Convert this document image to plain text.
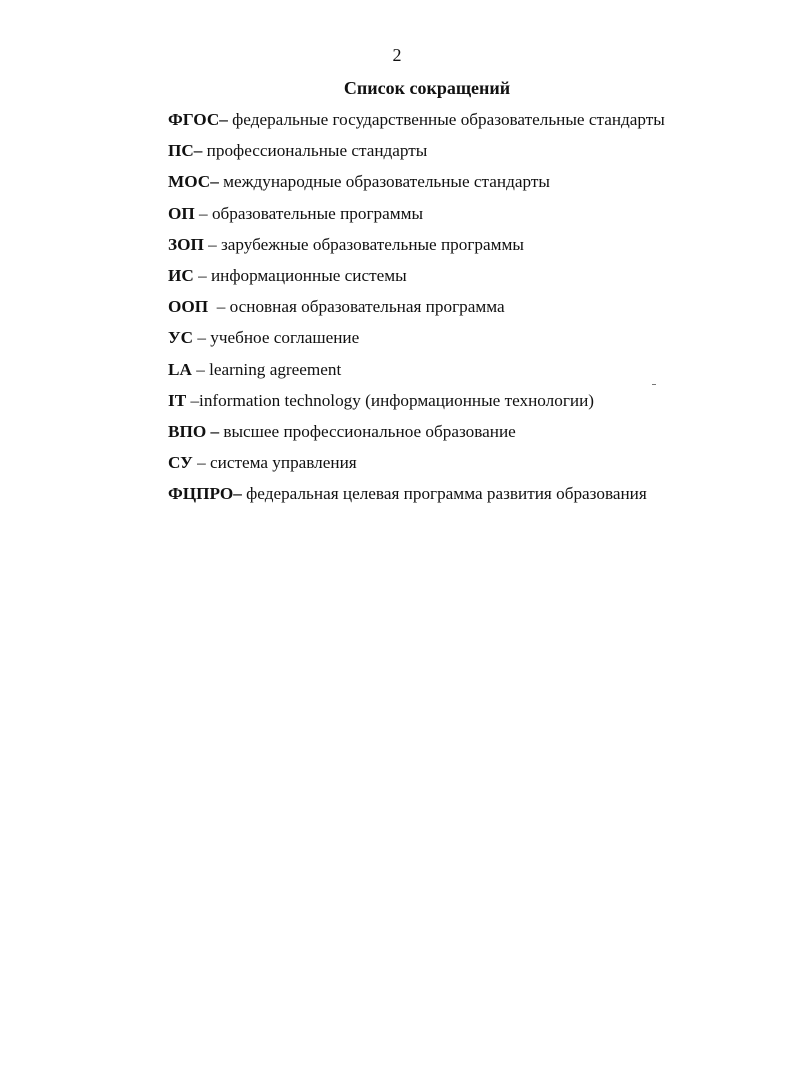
2
Список сокращений
ФГОС– федеральные государственные образовательные стандарты
ПС– профессиональные стандарты
МОС– международные образовательные стандарты
ОП – образовательные программы
ЗОП – зарубежные образовательные программы
ИС – информационные системы
ООП  – основная образовательная программа
УС – учебное соглашение
LA – learning agreement
IT –information technology (информационные технологии)
ВПО – высшее профессиональное образование
СУ – система управления
ФЦПРО– федеральная целевая программа развития образования
